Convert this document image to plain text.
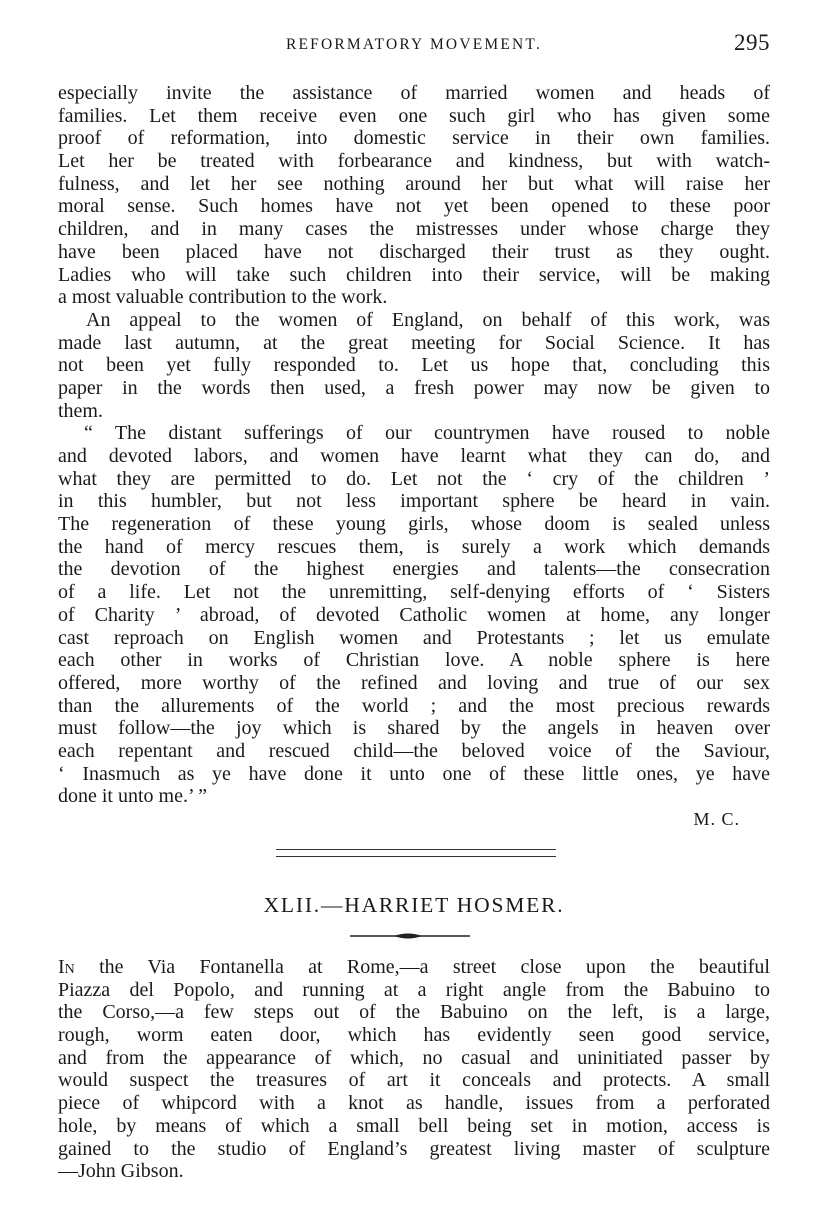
REFORMATORY MOVEMENT.	295
especially invite the assistance of married women and heads of
families. Let them receive even one such girl who has given some
proof of reformation, into domestic service in their own families.
Let her be treated with forbearance and kindness, but with watch-
fulness, and let her see nothing around her but what will raise her
moral sense. Such homes have not yet been opened to these poor
children, and in many cases the mistresses under whose charge they
have been placed have not discharged their trust as they ought.
Ladies who will take such children into their service, will be making
a most valuable contribution to the work.
An appeal to the women of England, on behalf of this work, was
made last autumn, at the great meeting for Social Science. It has
not been yet fully responded to. Let us hope that, concluding this
paper in the words then used, a fresh power may now be given to
them.
“ The distant sufferings of our countrymen have roused to noble
and devoted labors, and women have learnt what they can do, and
what they are permitted to do. Let not the ‘ cry of the children ’
in this humbler, but not less important sphere be heard in vain.
The regeneration of these young girls, whose doom is sealed unless
the hand of mercy rescues them, is surely a work which demands
the devotion of the highest energies and talents—the consecration
of a life. Let not the unremitting, self-denying efforts of ‘ Sisters
of Charity ’ abroad, of devoted Catholic women at home, any longer
cast reproach on English women and Protestants ; let us emulate
each other in works of Christian love. A noble sphere is here
offered, more worthy of the refined and loving and true of our sex
than the allurements of the world ; and the most precious rewards
must follow—the joy which is shared by the angels in heaven over
each repentant and rescued child—the beloved voice of the Saviour,
‘ Inasmuch as ye have done it unto one of these little ones, ye have
done it unto me.’ ”
M. C.
XLII.—HARRIET HOSMER.
In the Via Fontanella at Rome,—a street close upon the beautiful
Piazza del Popolo, and running at a right angle from the Babuino to
the Corso,—a few steps out of the Babuino on the left, is a large,
rough, worm eaten door, which has evidently seen good service,
and from the appearance of which, no casual and uninitiated passer by
would suspect the treasures of art it conceals and protects. A small
piece of whipcord with a knot as handle, issues from a perforated
hole, by means of which a small bell being set in motion, access is
gained to the studio of England’s greatest living master of sculpture
—John Gibson.
